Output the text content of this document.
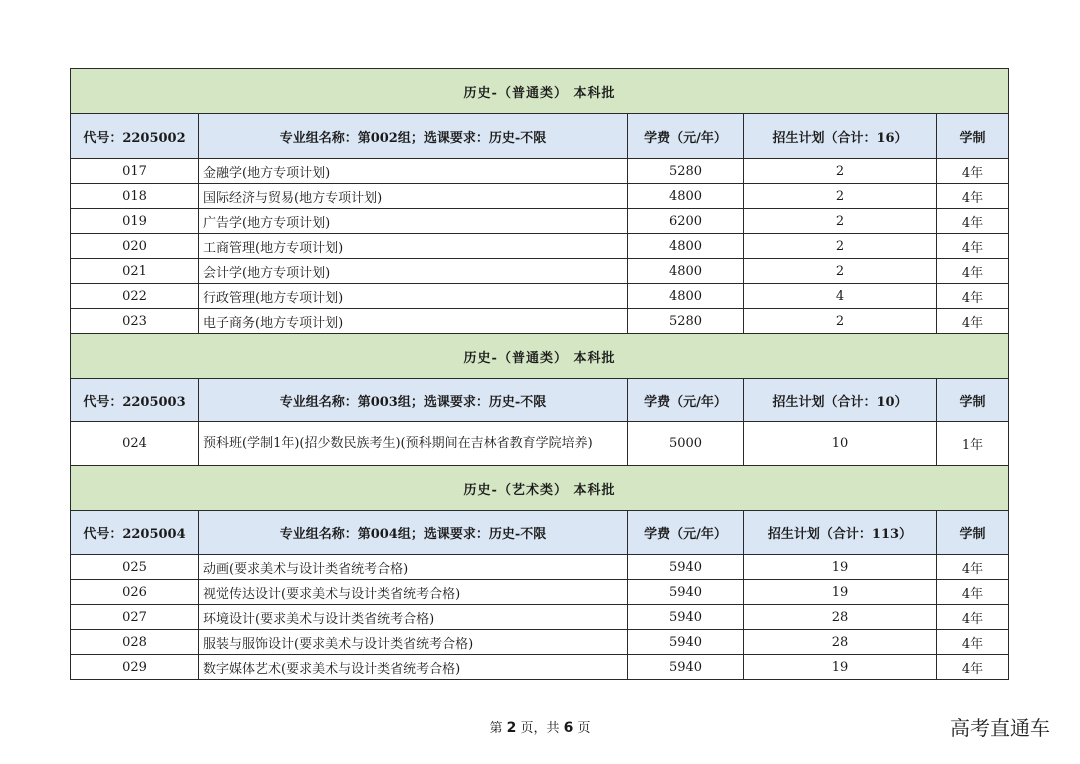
历史-（普通类） 本科批				
代号：2205002	专业组名称：第002组；选课要求：历史-不限	学费（元/年）	招生计划（合计：16）	学制
017	金融学(地方专项计划)	5280	2	4年
018	国际经济与贸易(地方专项计划)	4800	2	4年
019	广告学(地方专项计划)	6200	2	4年
020	工商管理(地方专项计划)	4800	2	4年
021	会计学(地方专项计划)	4800	2	4年
022	行政管理(地方专项计划)	4800	4	4年
023	电子商务(地方专项计划)	5280	2	4年
历史-（普通类） 本科批				
代号：2205003	专业组名称：第003组；选课要求：历史-不限	学费（元/年）	招生计划（合计：10）	学制
024	预科班(学制1年)(招少数民族考生)(预科期间在吉林省教育学院培养)	5000	10	1年
历史-（艺术类） 本科批				
代号：2205004	专业组名称：第004组；选课要求：历史-不限	学费（元/年）	招生计划（合计：113）	学制
025	动画(要求美术与设计类省统考合格)	5940	19	4年
026	视觉传达设计(要求美术与设计类省统考合格)	5940	19	4年
027	环境设计(要求美术与设计类省统考合格)	5940	28	4年
028	服装与服饰设计(要求美术与设计类省统考合格)	5940	28	4年
029	数字媒体艺术(要求美术与设计类省统考合格)	5940	19	4年
第 2 页，共 6 页	高考直通车
